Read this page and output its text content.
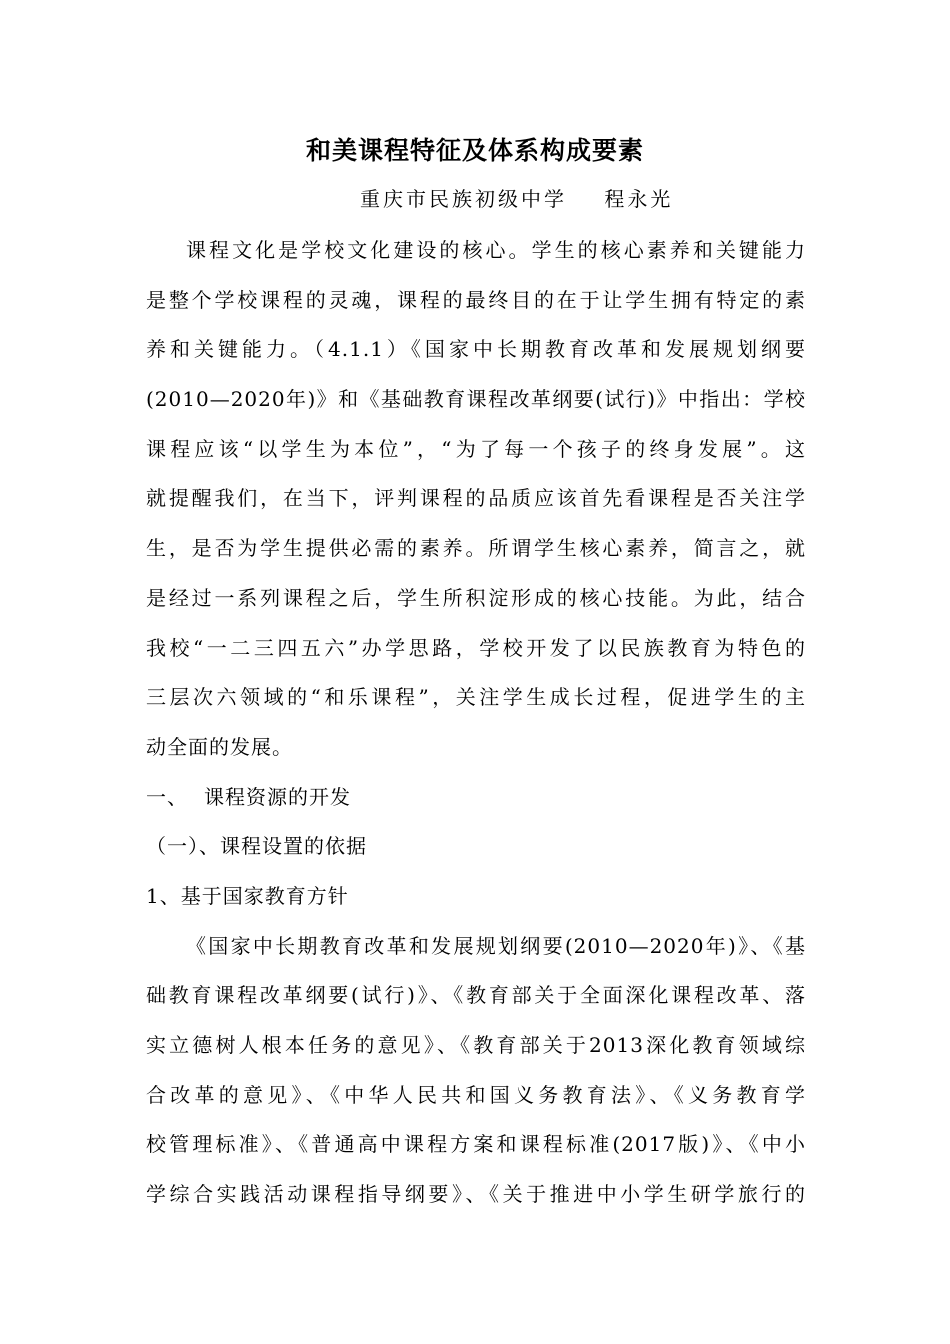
和美课程特征及体系构成要素
重庆市民族初级中学    程永光
课程文化是学校文化建设的核心。学生的核心素养和关键能力
是整个学校课程的灵魂，课程的最终目的在于让学生拥有特定的素
养和关键能力。（4.1.1）《国家中长期教育改革和发展规划纲要
(2010—2020年)》和《基础教育课程改革纲要(试行)》中指出：学校
课程应该“以学生为本位”，“为了每一个孩子的终身发展”。这
就提醒我们，在当下，评判课程的品质应该首先看课程是否关注学
生，是否为学生提供必需的素养。所谓学生核心素养，简言之，就
是经过一系列课程之后，学生所积淀形成的核心技能。为此，结合
我校“一二三四五六”办学思路，学校开发了以民族教育为特色的
三层次六领域的“和乐课程”，关注学生成长过程，促进学生的主
动全面的发展。
一、 课程资源的开发
（一）、课程设置的依据
1、基于国家教育方针
《国家中长期教育改革和发展规划纲要(2010—2020年)》、《基
础教育课程改革纲要(试行)》、《教育部关于全面深化课程改革、落
实立德树人根本任务的意见》、《教育部关于2013深化教育领域综
合改革的意见》、《中华人民共和国义务教育法》、《义务教育学
校管理标准》、《普通高中课程方案和课程标准(2017版)》、《中小
学综合实践活动课程指导纲要》、《关于推进中小学生研学旅行的
